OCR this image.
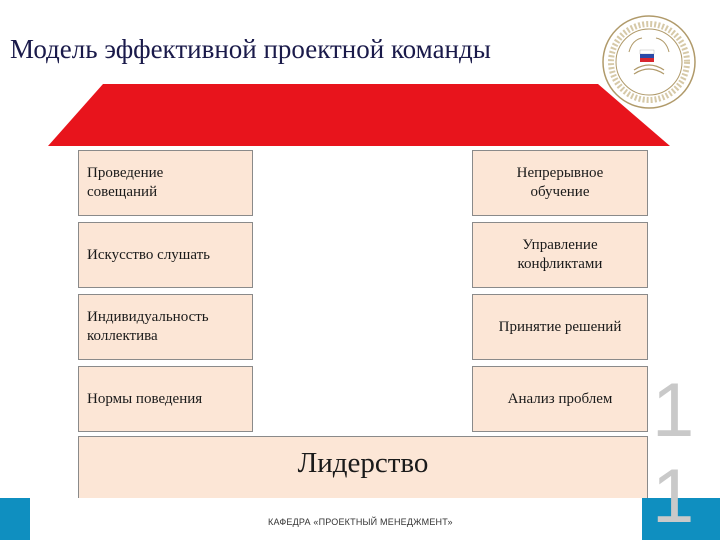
Модель эффективной проектной команды
Проведение
совещаний
Искусство слушать
Индивидуальность
коллектива
Нормы поведения
Непрерывное
обучение
Управление
конфликтами
Принятие решений
Анализ проблем
Лидерство
КАФЕДРА «ПРОЕКТНЫЙ МЕНЕДЖМЕНТ»
1
1
